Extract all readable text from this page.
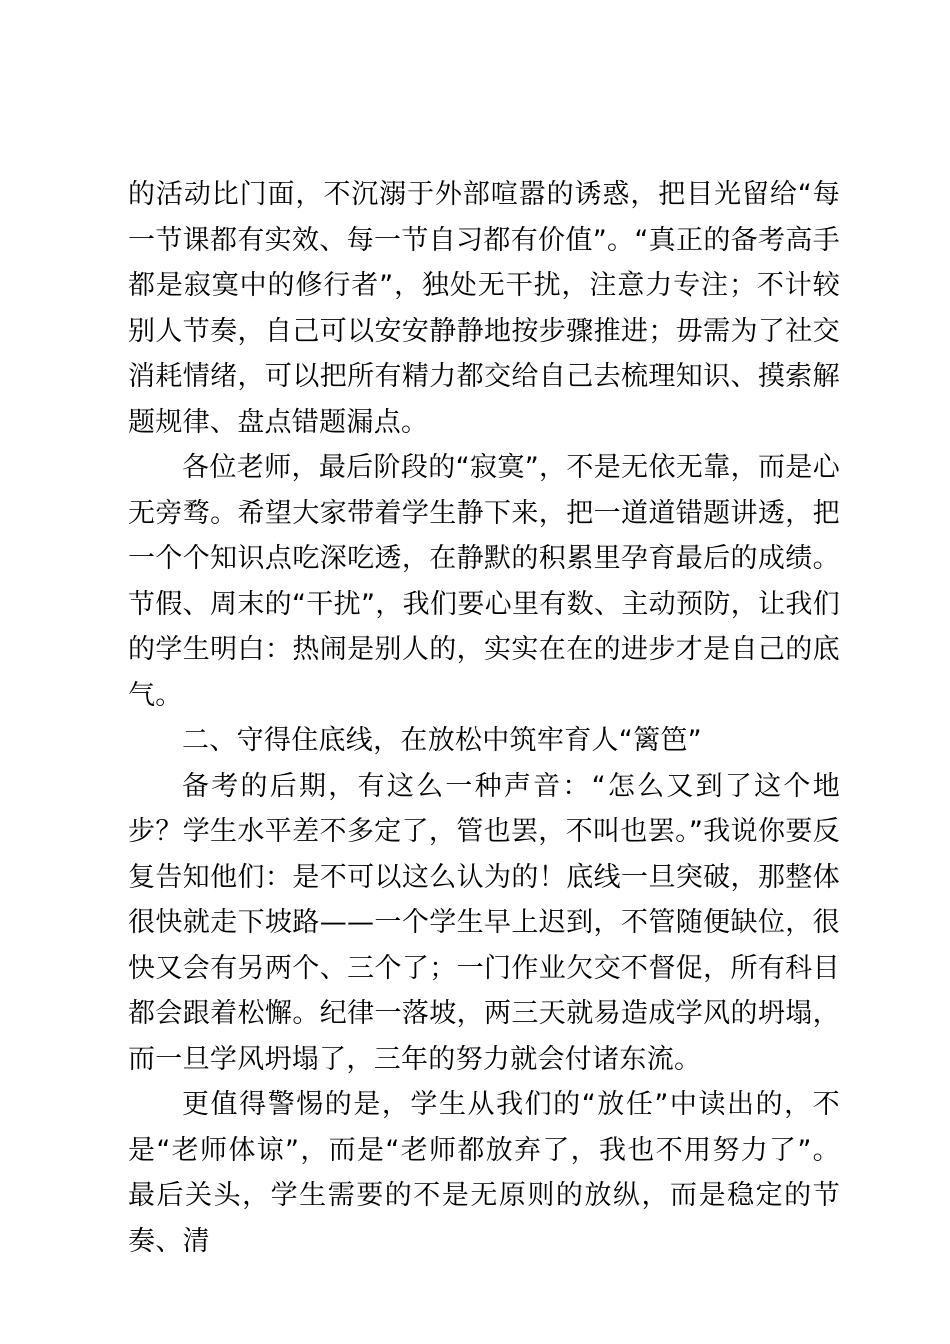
的活动比门面，不沉溺于外部喧嚣的诱惑，把目光留给“每一节课都有实效、每一节自习都有价值”。“真正的备考高手都是寂寞中的修行者”，独处无干扰，注意力专注；不计较别人节奏，自己可以安安静静地按步骤推进；毋需为了社交消耗情绪，可以把所有精力都交给自己去梳理知识、摸索解题规律、盘点错题漏点。

各位老师，最后阶段的“寂寞”，不是无依无靠，而是心无旁骛。希望大家带着学生静下来，把一道道错题讲透，把一个个知识点吃深吃透，在静默的积累里孕育最后的成绩。节假、周末的“干扰”，我们要心里有数、主动预防，让我们的学生明白：热闹是别人的，实实在在的进步才是自己的底气。

二、守得住底线，在放松中筑牢育人“篱笆”

备考的后期，有这么一种声音：“怎么又到了这个地步？学生水平差不多定了，管也罢，不叫也罢。”我说你要反复告知他们：是不可以这么认为的！底线一旦突破，那整体很快就走下坡路——一个学生早上迟到，不管随便缺位，很快又会有另两个、三个了；一门作业欠交不督促，所有科目都会跟着松懈。纪律一落坡，两三天就易造成学风的坍塌，而一旦学风坍塌了，三年的努力就会付诸东流。

更值得警惕的是，学生从我们的“放任”中读出的，不是“老师体谅”，而是“老师都放弃了，我也不用努力了”。最后关头，学生需要的不是无原则的放纵，而是稳定的节奏、清
